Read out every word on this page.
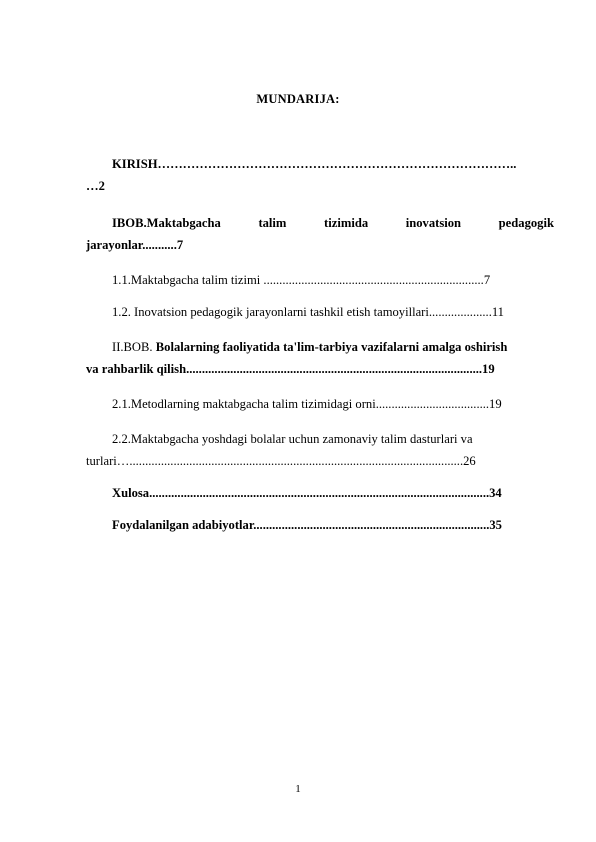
MUNDARIJA:
KIRISH…………………………………………………………………………..
…2
IBOB.Maktabgacha	talim	tizimida	inovatsion	pedagogik
jarayonlar...........7
1.1.Maktabgacha talim tizimi ......................................................................7
1.2. Inovatsion pedagogik jarayonlarni tashkil etish tamoyillari....................11
II.BOB. Bolalarning faoliyatida ta'lim-tarbiya vazifalarni amalga oshirish
va rahbarlik qilish..............................................................................................19
2.1.Metodlarning maktabgacha talim tizimidagi orni....................................19
2.2.Maktabgacha yoshdagi bolalar uchun zamonaviy talim dasturlari va
turlari…..........................................................................................................26
Xulosa............................................................................................................34
Foydalanilgan adabiyotlar...........................................................................35
1
